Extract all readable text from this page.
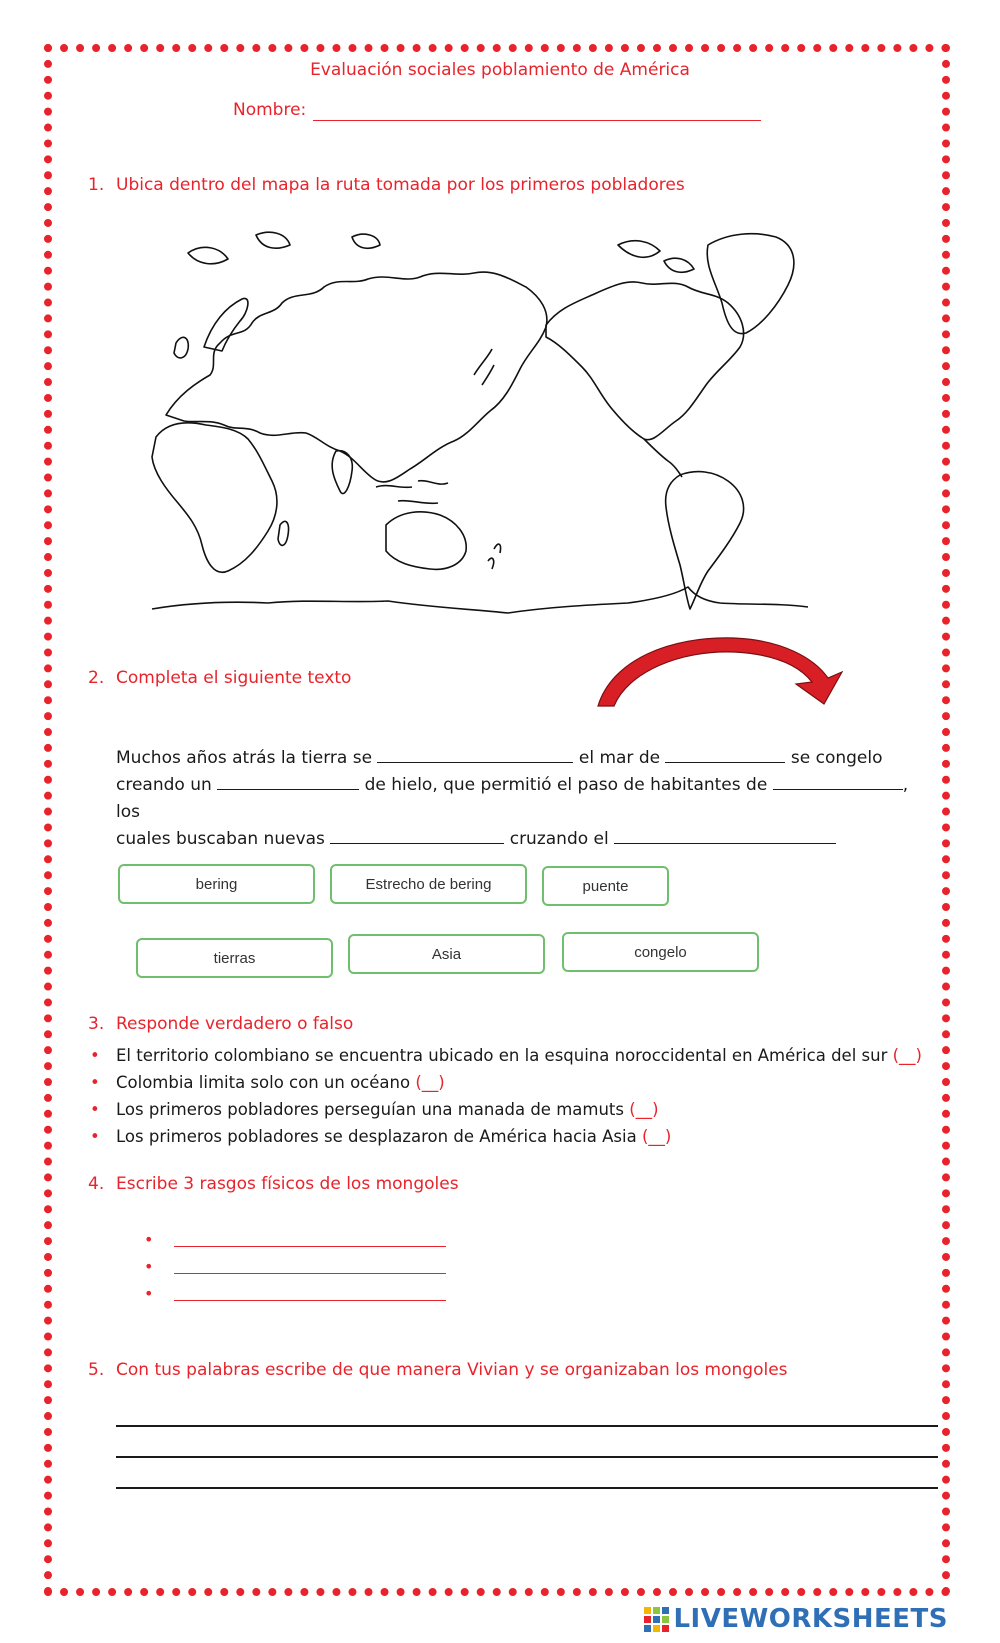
Evaluación sociales poblamiento de América
Nombre:
1. Ubica dentro del mapa la ruta tomada por los primeros pobladores
2. Completa el siguiente texto
Muchos años atrás la tierra se	el mar de	se congelo
creando un	de hielo, que permitió el paso de habitantes de	, los
cuales buscaban nuevas	cruzando el
bering	Estrecho de bering	puente
tierras	Asia	congelo
3. Responde verdadero o falso
• El territorio colombiano se encuentra ubicado en la esquina noroccidental en América del sur (__)
• Colombia limita solo con un océano (__)
• Los primeros pobladores perseguían una manada de mamuts (__)
• Los primeros pobladores se desplazaron de América hacia Asia (__)
4. Escribe 3 rasgos físicos de los mongoles
•
•
•
5. Con tus palabras escribe de que manera Vivian y se organizaban los mongoles
LIVEWORKSHEETS
